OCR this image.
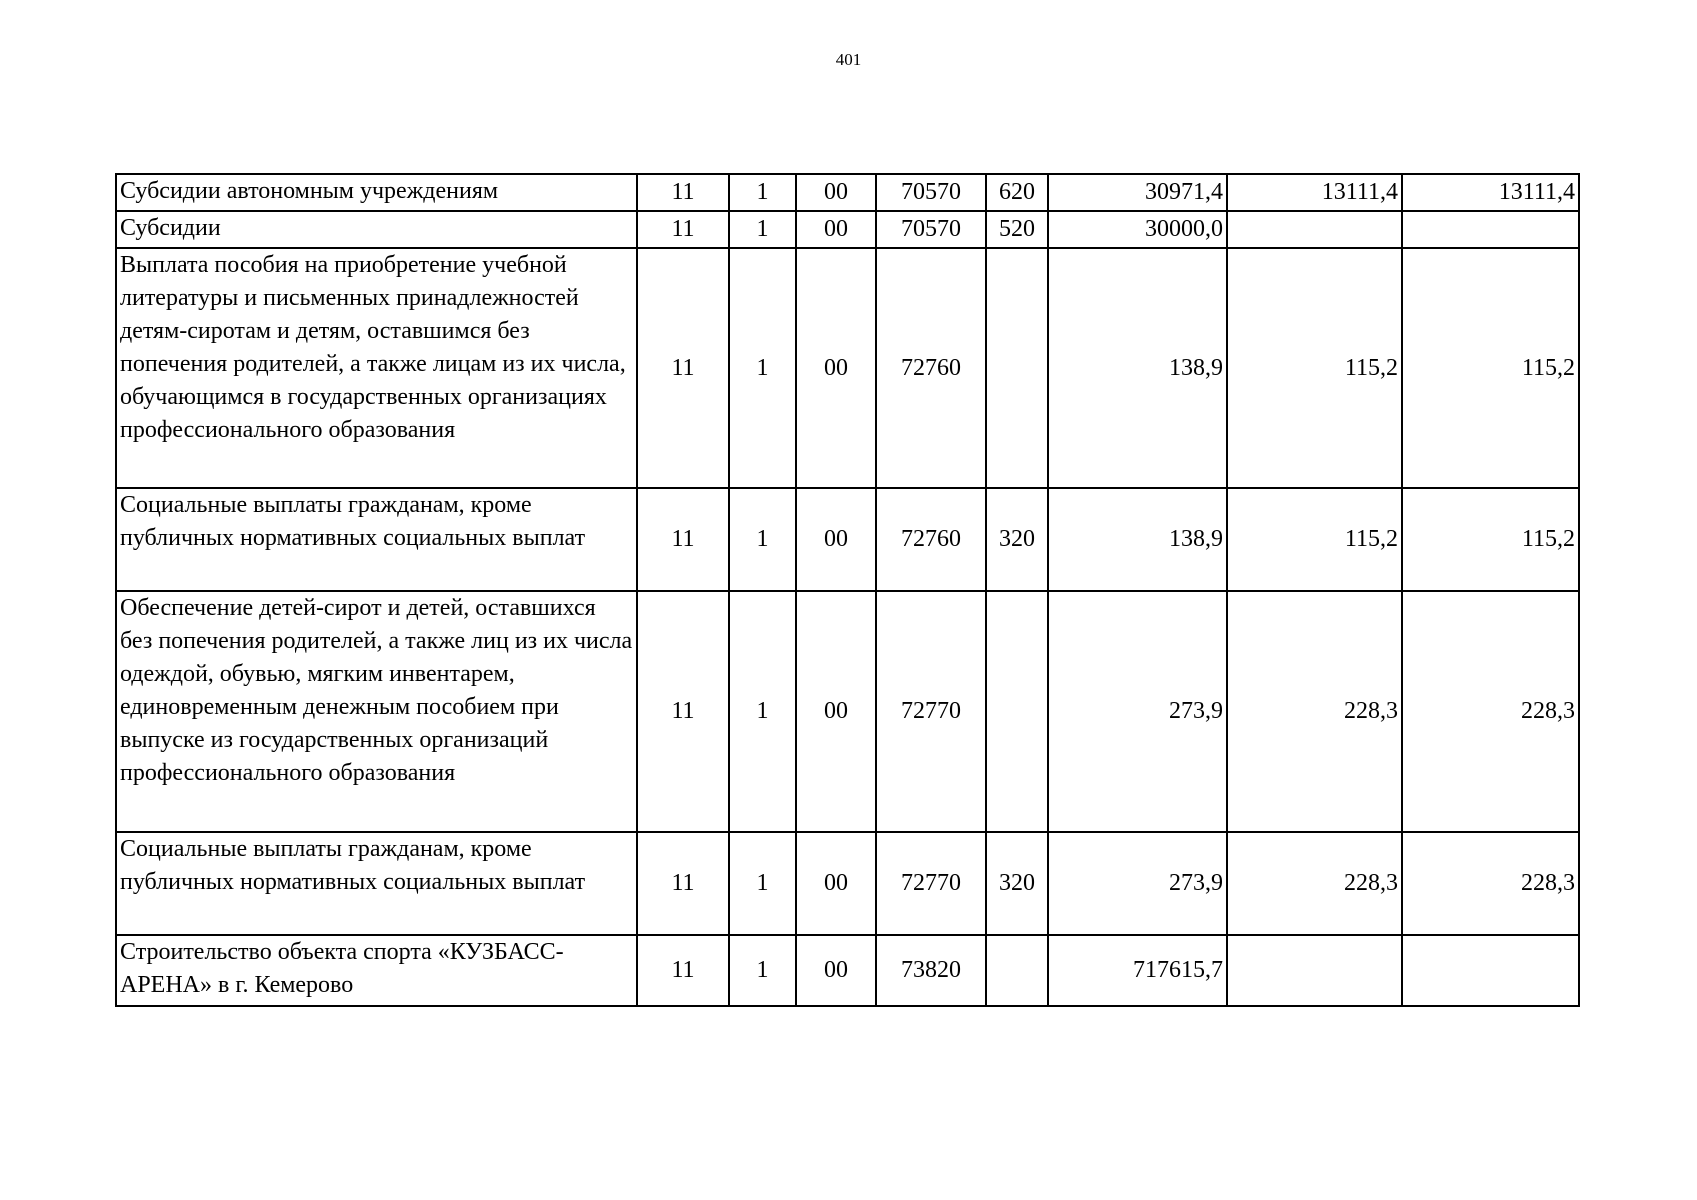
401
Субсидии автономным учреждениям	11	1	00	70570	620	30971,4	13111,4	13111,4
Субсидии	11	1	00	70570	520	30000,0		
Выплата пособия на приобретение учебной литературы и письменных принадлежностей детям-сиротам и детям, оставшимся без попечения родителей, а также лицам из их числа, обучающимся в государственных организациях профессионального образования	11	1	00	72760		138,9	115,2	115,2
Социальные выплаты гражданам, кроме публичных нормативных социальных выплат	11	1	00	72760	320	138,9	115,2	115,2
Обеспечение детей-сирот и детей, оставшихся без попечения родителей, а также лиц из их числа одеждой, обувью, мягким инвентарем, единовременным денежным пособием при выпуске из государственных организаций профессионального образования	11	1	00	72770		273,9	228,3	228,3
Социальные выплаты гражданам, кроме публичных нормативных социальных выплат	11	1	00	72770	320	273,9	228,3	228,3
Строительство объекта спорта «КУЗБАСС-АРЕНА» в г. Кемерово	11	1	00	73820		717615,7		
